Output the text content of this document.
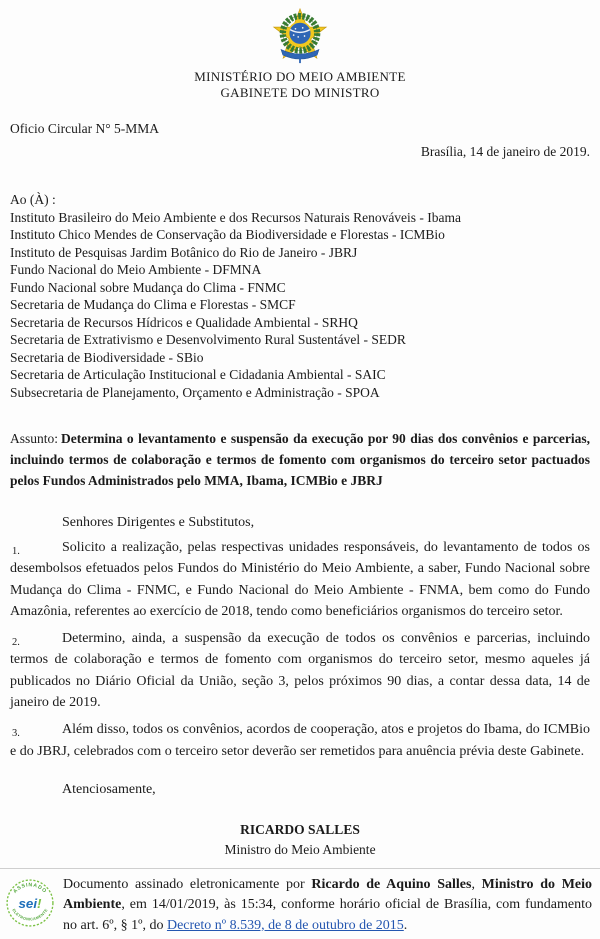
MINISTÉRIO DO MEIO AMBIENTE
GABINETE DO MINISTRO
Oficio Circular N° 5-MMA
Brasília, 14 de janeiro de 2019.
Ao (À) :
Instituto Brasileiro do Meio Ambiente e dos Recursos Naturais Renováveis - Ibama
Instituto Chico Mendes de Conservação da Biodiversidade e Florestas - ICMBio
Instituto de Pesquisas Jardim Botânico do Rio de Janeiro - JBRJ
Fundo Nacional do Meio Ambiente - DFMNA
Fundo Nacional sobre Mudança do Clima - FNMC
Secretaria de Mudança do Clima e Florestas - SMCF
Secretaria de Recursos Hídricos e Qualidade Ambiental - SRHQ
Secretaria de Extrativismo e Desenvolvimento Rural Sustentável - SEDR
Secretaria de Biodiversidade - SBio
Secretaria de Articulação Institucional e Cidadania Ambiental - SAIC
Subsecretaria de Planejamento, Orçamento e Administração - SPOA
Assunto: Determina o levantamento e suspensão da execução por 90 dias dos convênios e parcerias, incluindo termos de colaboração e termos de fomento com organismos do terceiro setor pactuados pelos Fundos Administrados pelo MMA, Ibama, ICMBio e JBRJ
Senhores Dirigentes e Substitutos,
1.	Solicito a realização, pelas respectivas unidades responsáveis, do levantamento de todos os desembolsos efetuados pelos Fundos do Ministério do Meio Ambiente, a saber, Fundo Nacional sobre Mudança do Clima - FNMC, e Fundo Nacional do Meio Ambiente - FNMA, bem como do Fundo Amazônia, referentes ao exercício de 2018, tendo como beneficiários organismos do terceiro setor.
2.	Determino, ainda, a suspensão da execução de todos os convênios e parcerias, incluindo termos de colaboração e termos de fomento com organismos do terceiro setor, mesmo aqueles já publicados no Diário Oficial da União, seção 3, pelos próximos 90 dias, a contar dessa data, 14 de janeiro de 2019.
3.	Além disso, todos os convênios, acordos de cooperação, atos e projetos do Ibama, do ICMBio e do JBRJ, celebrados com o terceiro setor deverão ser remetidos para anuência prévia deste Gabinete.
Atenciosamente,
RICARDO SALLES
Ministro do Meio Ambiente
ASSINADO
ELETRONICAMENTE
sei!
Documento assinado eletronicamente por Ricardo de Aquino Salles, Ministro do Meio Ambiente, em 14/01/2019, às 15:34, conforme horário oficial de Brasília, com fundamento no art. 6º, § 1º, do Decreto nº 8.539, de 8 de outubro de 2015.
